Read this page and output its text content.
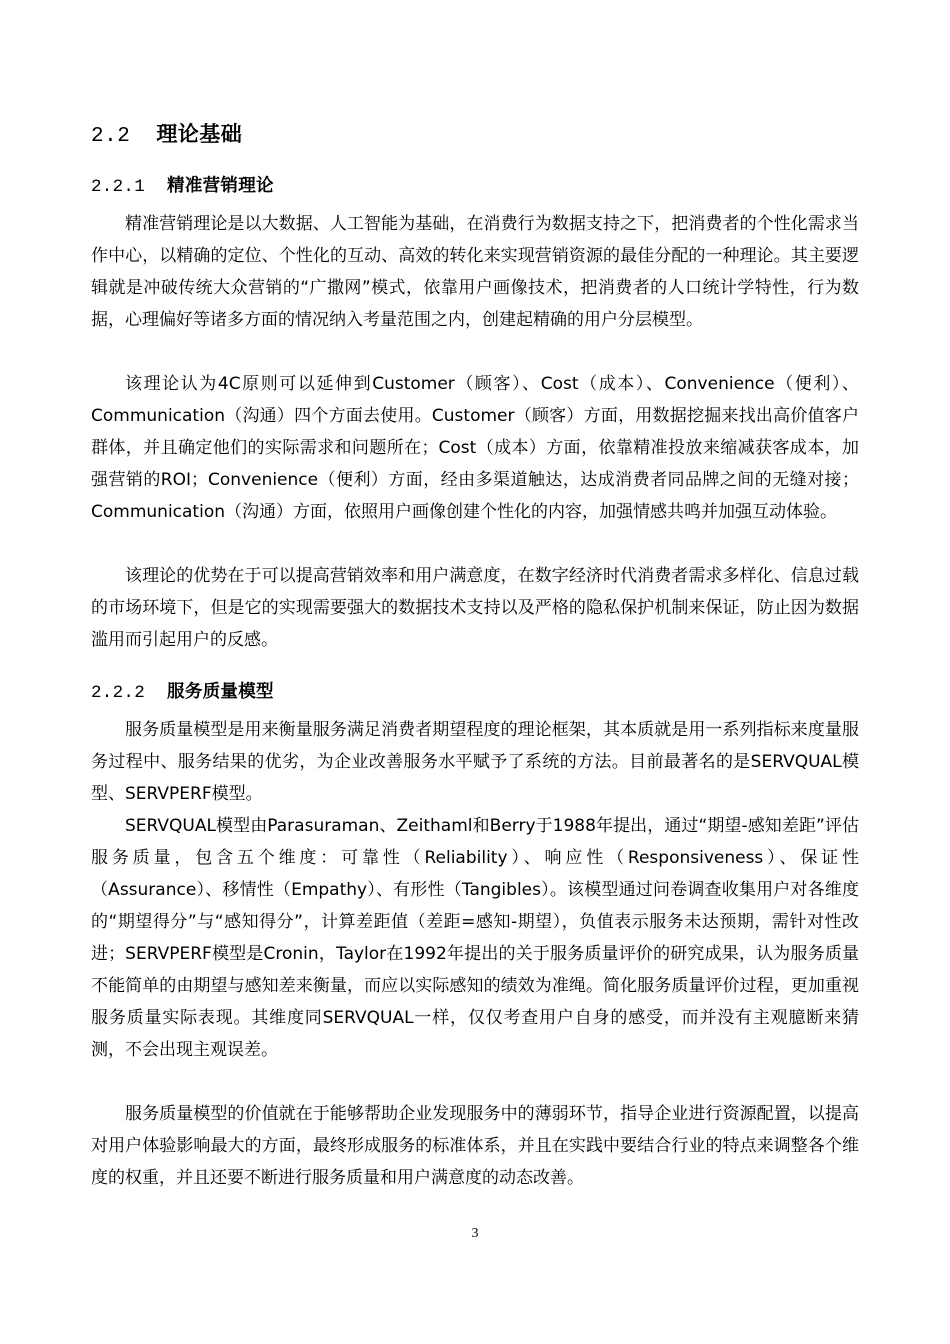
2.2 理论基础
2.2.1 精准营销理论

精准营销理论是以大数据、人工智能为基础，在消费行为数据支持之下，把消费者的个性化需求当作中心，以精确的定位、个性化的互动、高效的转化来实现营销资源的最佳分配的一种理论。其主要逻辑就是冲破传统大众营销的“广撒网”模式，依靠用户画像技术，把消费者的人口统计学特性，行为数据，心理偏好等诸多方面的情况纳入考量范围之内，创建起精确的用户分层模型。

该理论认为4C原则可以延伸到Customer（顾客）、Cost（成本）、Convenience（便利）、Communication（沟通）四个方面去使用。Customer（顾客）方面，用数据挖掘来找出高价值客户群体，并且确定他们的实际需求和问题所在；Cost（成本）方面，依靠精准投放来缩减获客成本，加强营销的ROI；Convenience（便利）方面，经由多渠道触达，达成消费者同品牌之间的无缝对接；Communication（沟通）方面，依照用户画像创建个性化的内容，加强情感共鸣并加强互动体验。

该理论的优势在于可以提高营销效率和用户满意度，在数字经济时代消费者需求多样化、信息过载的市场环境下，但是它的实现需要强大的数据技术支持以及严格的隐私保护机制来保证，防止因为数据滥用而引起用户的反感。

2.2.2 服务质量模型

服务质量模型是用来衡量服务满足消费者期望程度的理论框架，其本质就是用一系列指标来度量服务过程中、服务结果的优劣，为企业改善服务水平赋予了系统的方法。目前最著名的是SERVQUAL模型、SERVPERF模型。

SERVQUAL模型由Parasuraman、Zeithaml和Berry于1988年提出，通过“期望-感知差距”评估服务质量，包含五个维度：可靠性（Reliability）、响应性（Responsiveness）、保证性（Assurance）、移情性（Empathy）、有形性（Tangibles）。该模型通过问卷调查收集用户对各维度的“期望得分”与“感知得分”，计算差距值（差距=感知-期望），负值表示服务未达预期，需针对性改进；SERVPERF模型是Cronin，Taylor在1992年提出的关于服务质量评价的研究成果，认为服务质量不能简单的由期望与感知差来衡量，而应以实际感知的绩效为准绳。简化服务质量评价过程，更加重视服务质量实际表现。其维度同SERVQUAL一样，仅仅考查用户自身的感受，而并没有主观臆断来猜测，不会出现主观误差。

服务质量模型的价值就在于能够帮助企业发现服务中的薄弱环节，指导企业进行资源配置，以提高对用户体验影响最大的方面，最终形成服务的标准体系，并且在实践中要结合行业的特点来调整各个维度的权重，并且还要不断进行服务质量和用户满意度的动态改善。

3
